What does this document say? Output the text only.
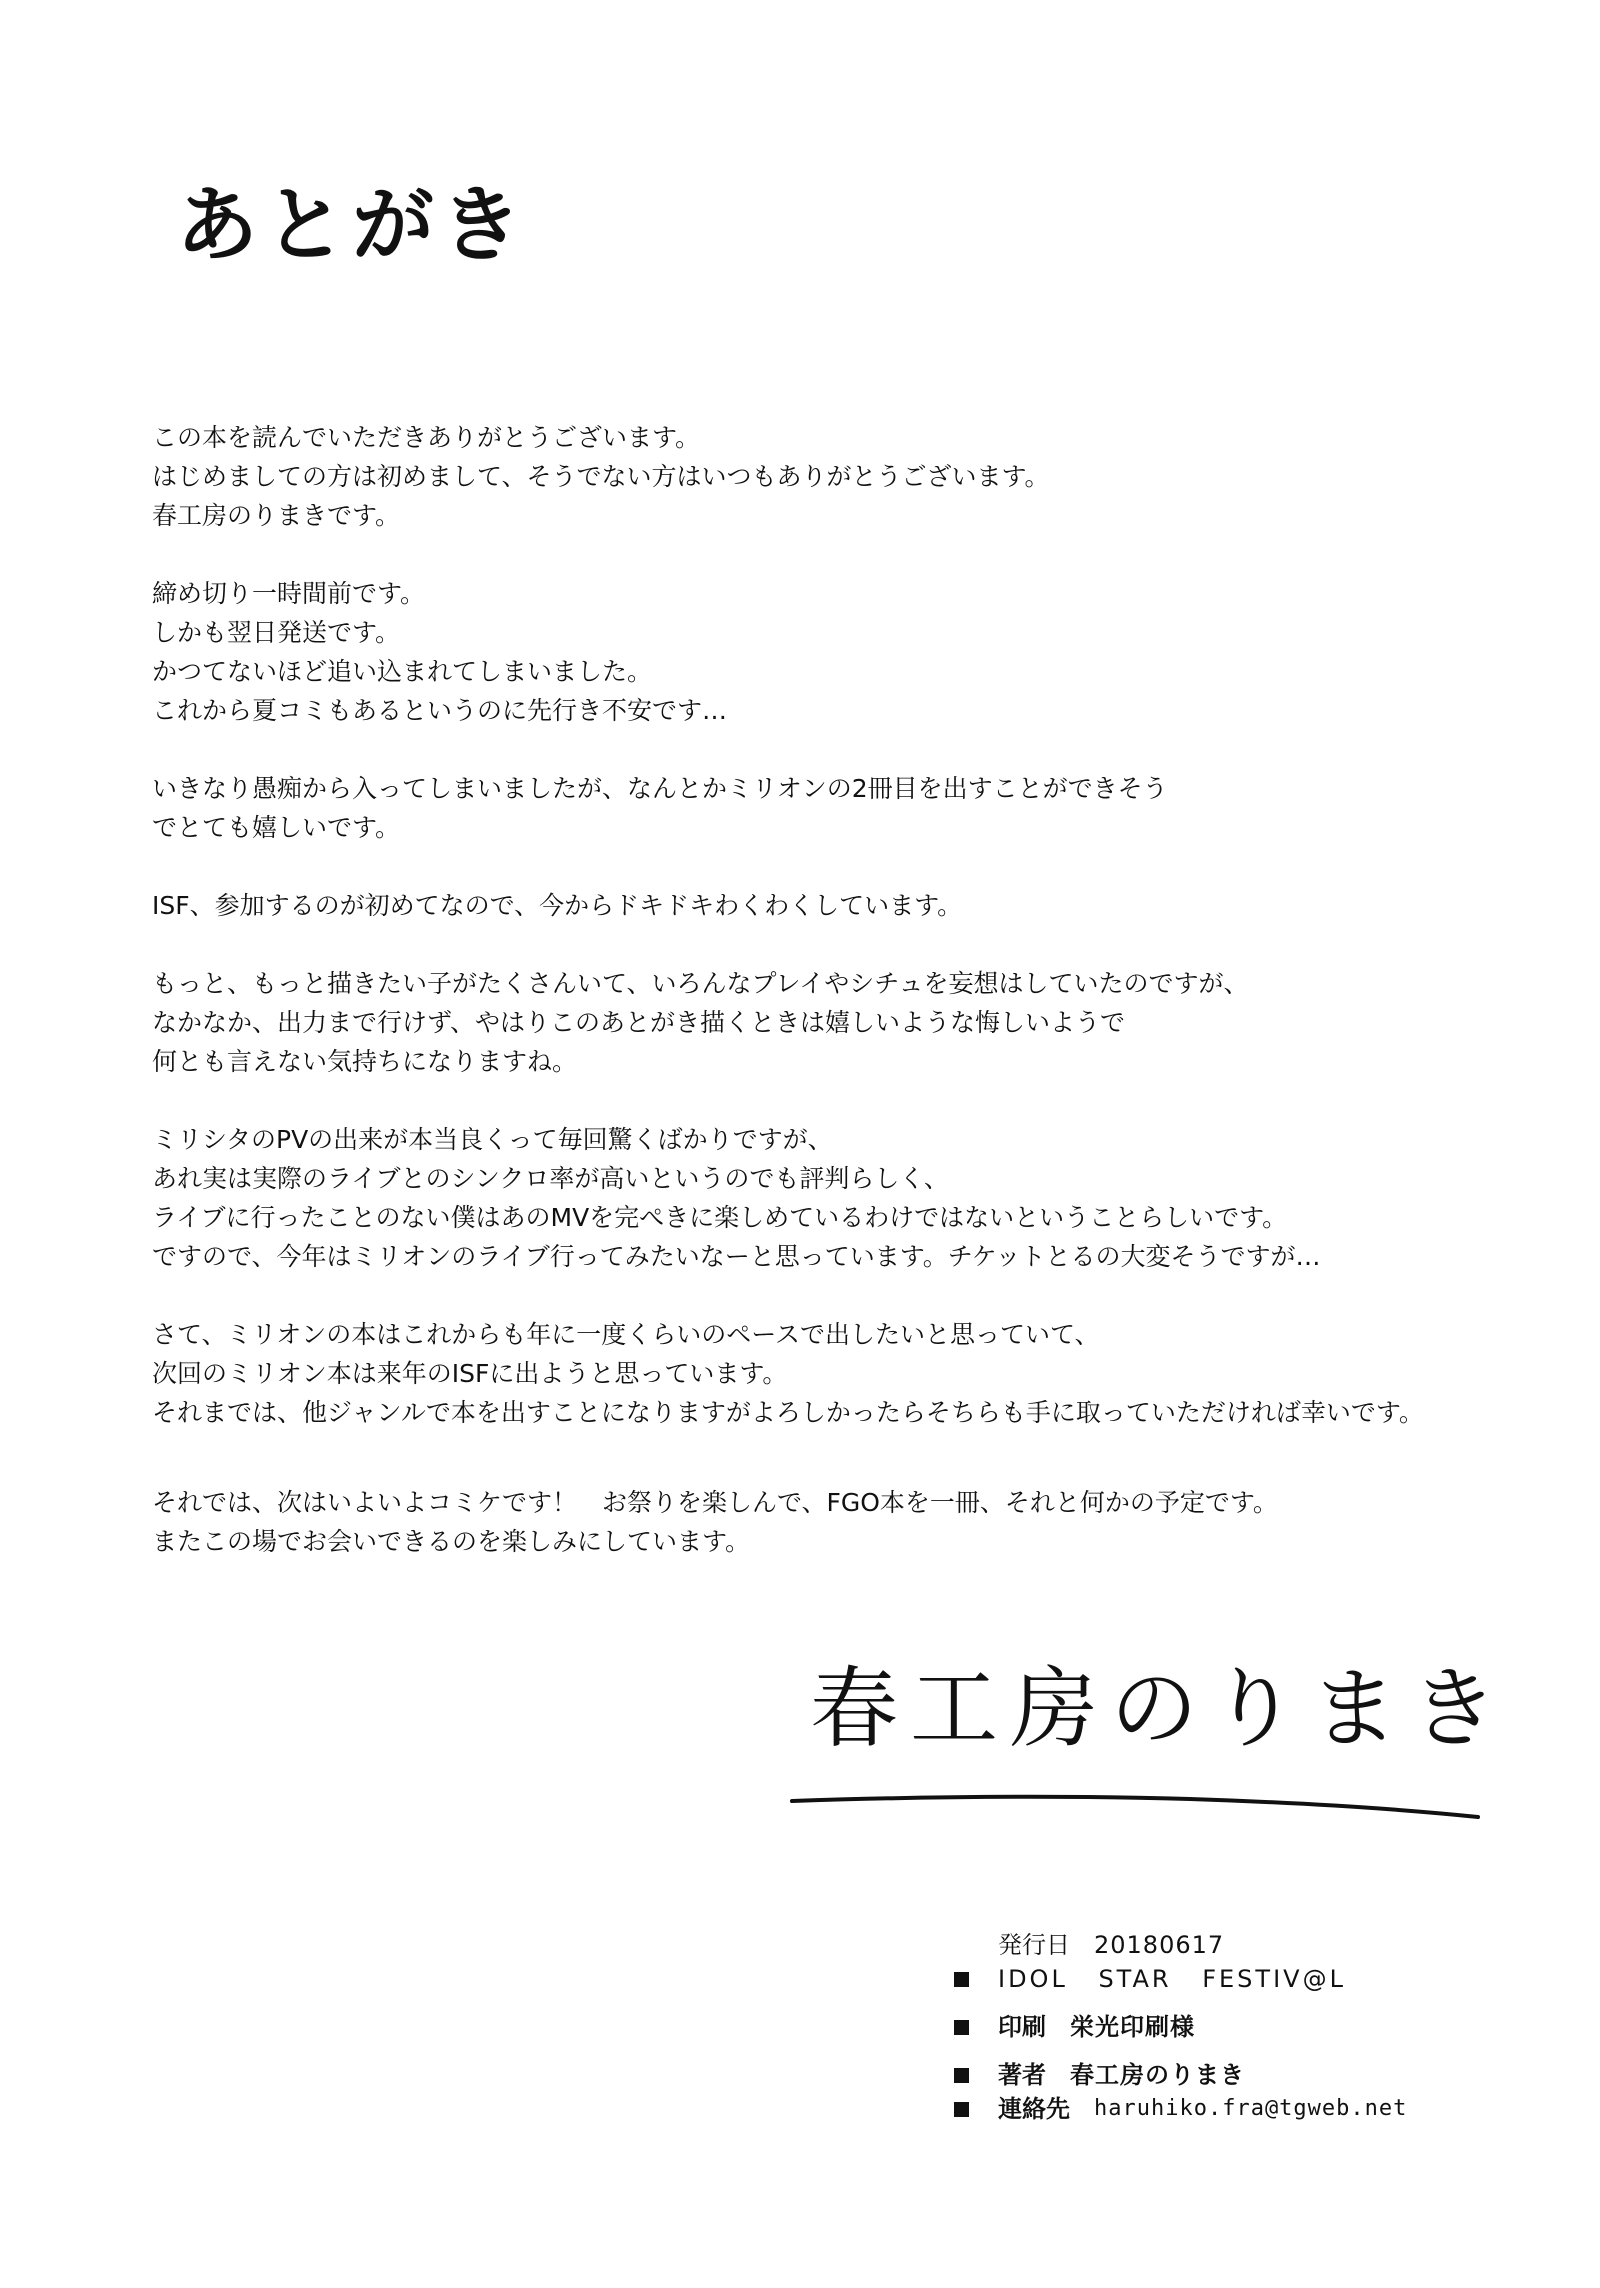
あとがき
この本を読んでいただきありがとうございます。
はじめましての方は初めまして、そうでない方はいつもありがとうございます。
春工房のりまきです。
締め切り一時間前です。
しかも翌日発送です。
かつてないほど追い込まれてしまいました。
これから夏コミもあるというのに先行き不安です…
いきなり愚痴から入ってしまいましたが、なんとかミリオンの2冊目を出すことができそう
でとても嬉しいです。
ISF、参加するのが初めてなので、今からドキドキわくわくしています。
もっと、もっと描きたい子がたくさんいて、いろんなプレイやシチュを妄想はしていたのですが、
なかなか、出力まで行けず、やはりこのあとがき描くときは嬉しいような悔しいようで
何とも言えない気持ちになりますね。
ミリシタのPVの出来が本当良くって毎回驚くばかりですが、
あれ実は実際のライブとのシンクロ率が高いというのでも評判らしく、
ライブに行ったことのない僕はあのMVを完ぺきに楽しめているわけではないということらしいです。
ですので、今年はミリオンのライブ行ってみたいなーと思っています。チケットとるの大変そうですが…
さて、ミリオンの本はこれからも年に一度くらいのペースで出したいと思っていて、
次回のミリオン本は来年のISFに出ようと思っています。
それまでは、他ジャンルで本を出すことになりますがよろしかったらそちらも手に取っていただければ幸いです。
それでは、次はいよいよコミケです！　お祭りを楽しんで、FGO本を一冊、それと何かの予定です。
またこの場でお会いできるのを楽しみにしています。
春工房のりまき
発行日 20180617
IDOL STAR FESTIV@L
印刷 栄光印刷様
著者 春工房のりまき
連絡先 haruhiko.fra@tgweb.net
